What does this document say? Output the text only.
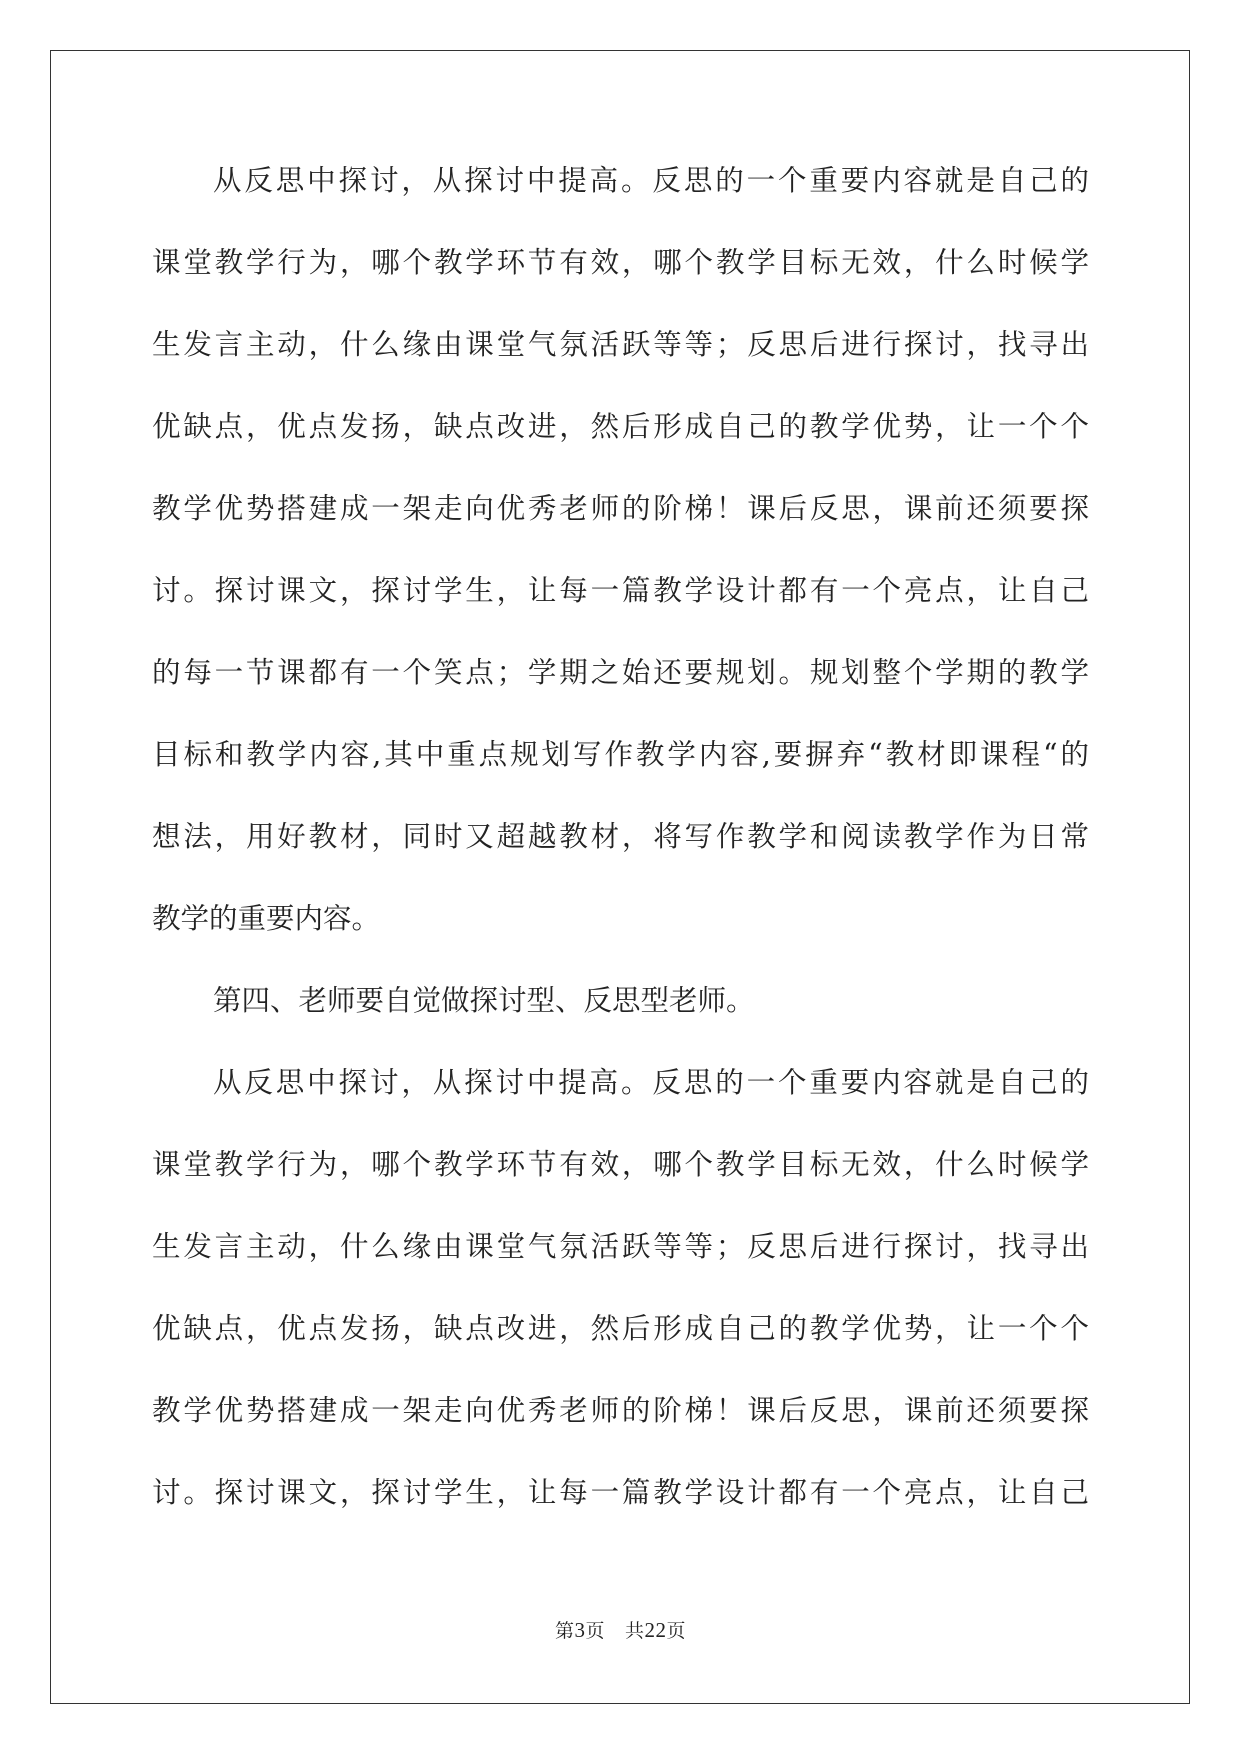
从反思中探讨，从探讨中提高。反思的一个重要内容就是自己的
课堂教学行为，哪个教学环节有效，哪个教学目标无效，什么时候学
生发言主动，什么缘由课堂气氛活跃等等；反思后进行探讨，找寻出
优缺点，优点发扬，缺点改进，然后形成自己的教学优势，让一个个
教学优势搭建成一架走向优秀老师的阶梯！课后反思，课前还须要探
讨。探讨课文，探讨学生，让每一篇教学设计都有一个亮点，让自己
的每一节课都有一个笑点；学期之始还要规划。规划整个学期的教学
目标和教学内容,其中重点规划写作教学内容,要摒弃“教材即课程“的
想法，用好教材，同时又超越教材，将写作教学和阅读教学作为日常
教学的重要内容。
第四、老师要自觉做探讨型、反思型老师。
从反思中探讨，从探讨中提高。反思的一个重要内容就是自己的
课堂教学行为，哪个教学环节有效，哪个教学目标无效，什么时候学
生发言主动，什么缘由课堂气氛活跃等等；反思后进行探讨，找寻出
优缺点，优点发扬，缺点改进，然后形成自己的教学优势，让一个个
教学优势搭建成一架走向优秀老师的阶梯！课后反思，课前还须要探
讨。探讨课文，探讨学生，让每一篇教学设计都有一个亮点，让自己
第3页 共22页
